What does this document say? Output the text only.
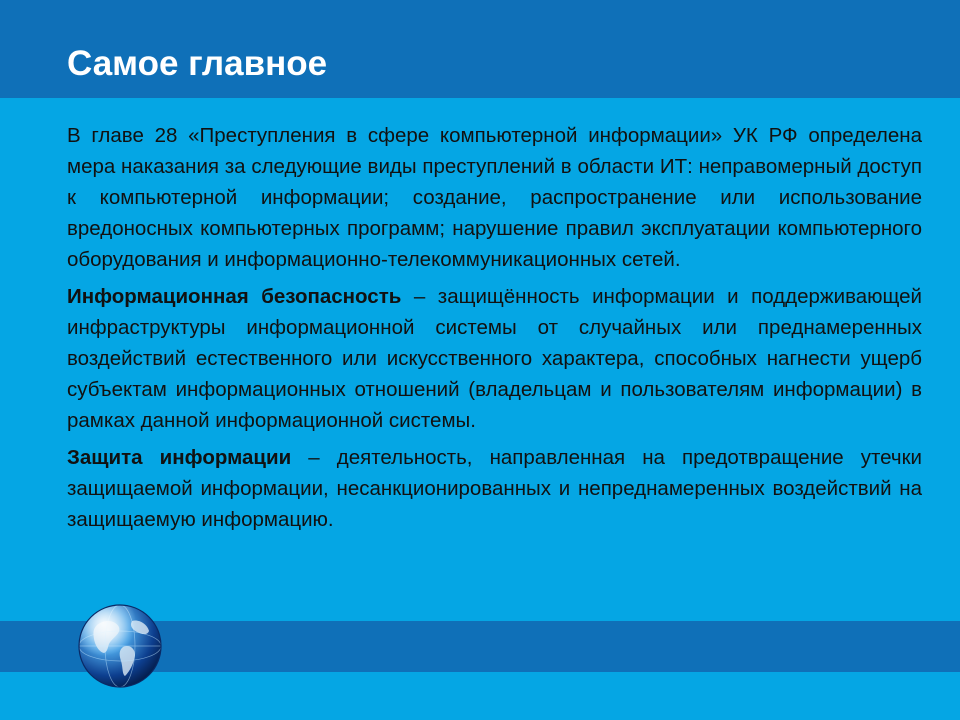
Самое главное

В главе 28 «Преступления в сфере компьютерной информации» УК РФ определена мера наказания за следующие виды преступлений в области ИТ: неправомерный доступ к компьютерной информации; создание, распространение или использование вредоносных компьютерных программ; нарушение правил эксплуатации компьютерного оборудования и информационно-телекоммуникационных сетей.

Информационная безопасность – защищённость информации и поддерживающей инфраструктуры информационной системы от случайных или преднамеренных воздействий естественного или искусственного характера, способных нагнести ущерб субъектам информационных отношений (владельцам и пользователям информации) в рамках данной информационной системы.

Защита информации – деятельность, направленная на предотвращение утечки защищаемой информации, несанкционированных и непреднамеренных воздействий на защищаемую информацию.
